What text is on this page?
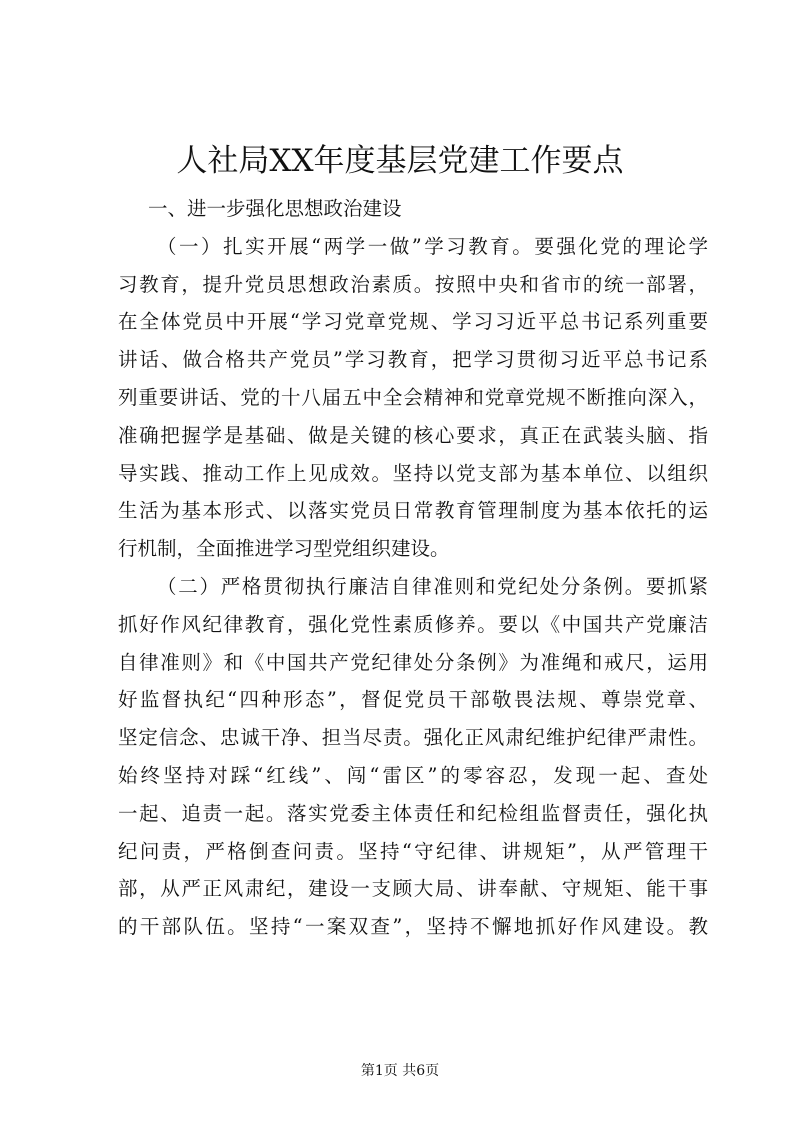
人社局XX年度基层党建工作要点

一、进一步强化思想政治建设

（一）扎实开展“两学一做”学习教育。要强化党的理论学

习教育，提升党员思想政治素质。按照中央和省市的统一部署，

在全体党员中开展“学习党章党规、学习习近平总书记系列重要

讲话、做合格共产党员”学习教育，把学习贯彻习近平总书记系

列重要讲话、党的十八届五中全会精神和党章党规不断推向深入，

准确把握学是基础、做是关键的核心要求，真正在武装头脑、指

导实践、推动工作上见成效。坚持以党支部为基本单位、以组织

生活为基本形式、以落实党员日常教育管理制度为基本依托的运

行机制，全面推进学习型党组织建设。

（二）严格贯彻执行廉洁自律准则和党纪处分条例。要抓紧

抓好作风纪律教育，强化党性素质修养。要以《中国共产党廉洁

自律准则》和《中国共产党纪律处分条例》为准绳和戒尺，运用

好监督执纪“四种形态”，督促党员干部敬畏法规、尊崇党章、

坚定信念、忠诚干净、担当尽责。强化正风肃纪维护纪律严肃性。

始终坚持对踩“红线”、闯“雷区”的零容忍，发现一起、查处

一起、追责一起。落实党委主体责任和纪检组监督责任，强化执

纪问责，严格倒查问责。坚持“守纪律、讲规矩”，从严管理干

部，从严正风肃纪，建设一支顾大局、讲奉献、守规矩、能干事

的干部队伍。坚持“一案双查”，坚持不懈地抓好作风建设。教

第1页 共6页
